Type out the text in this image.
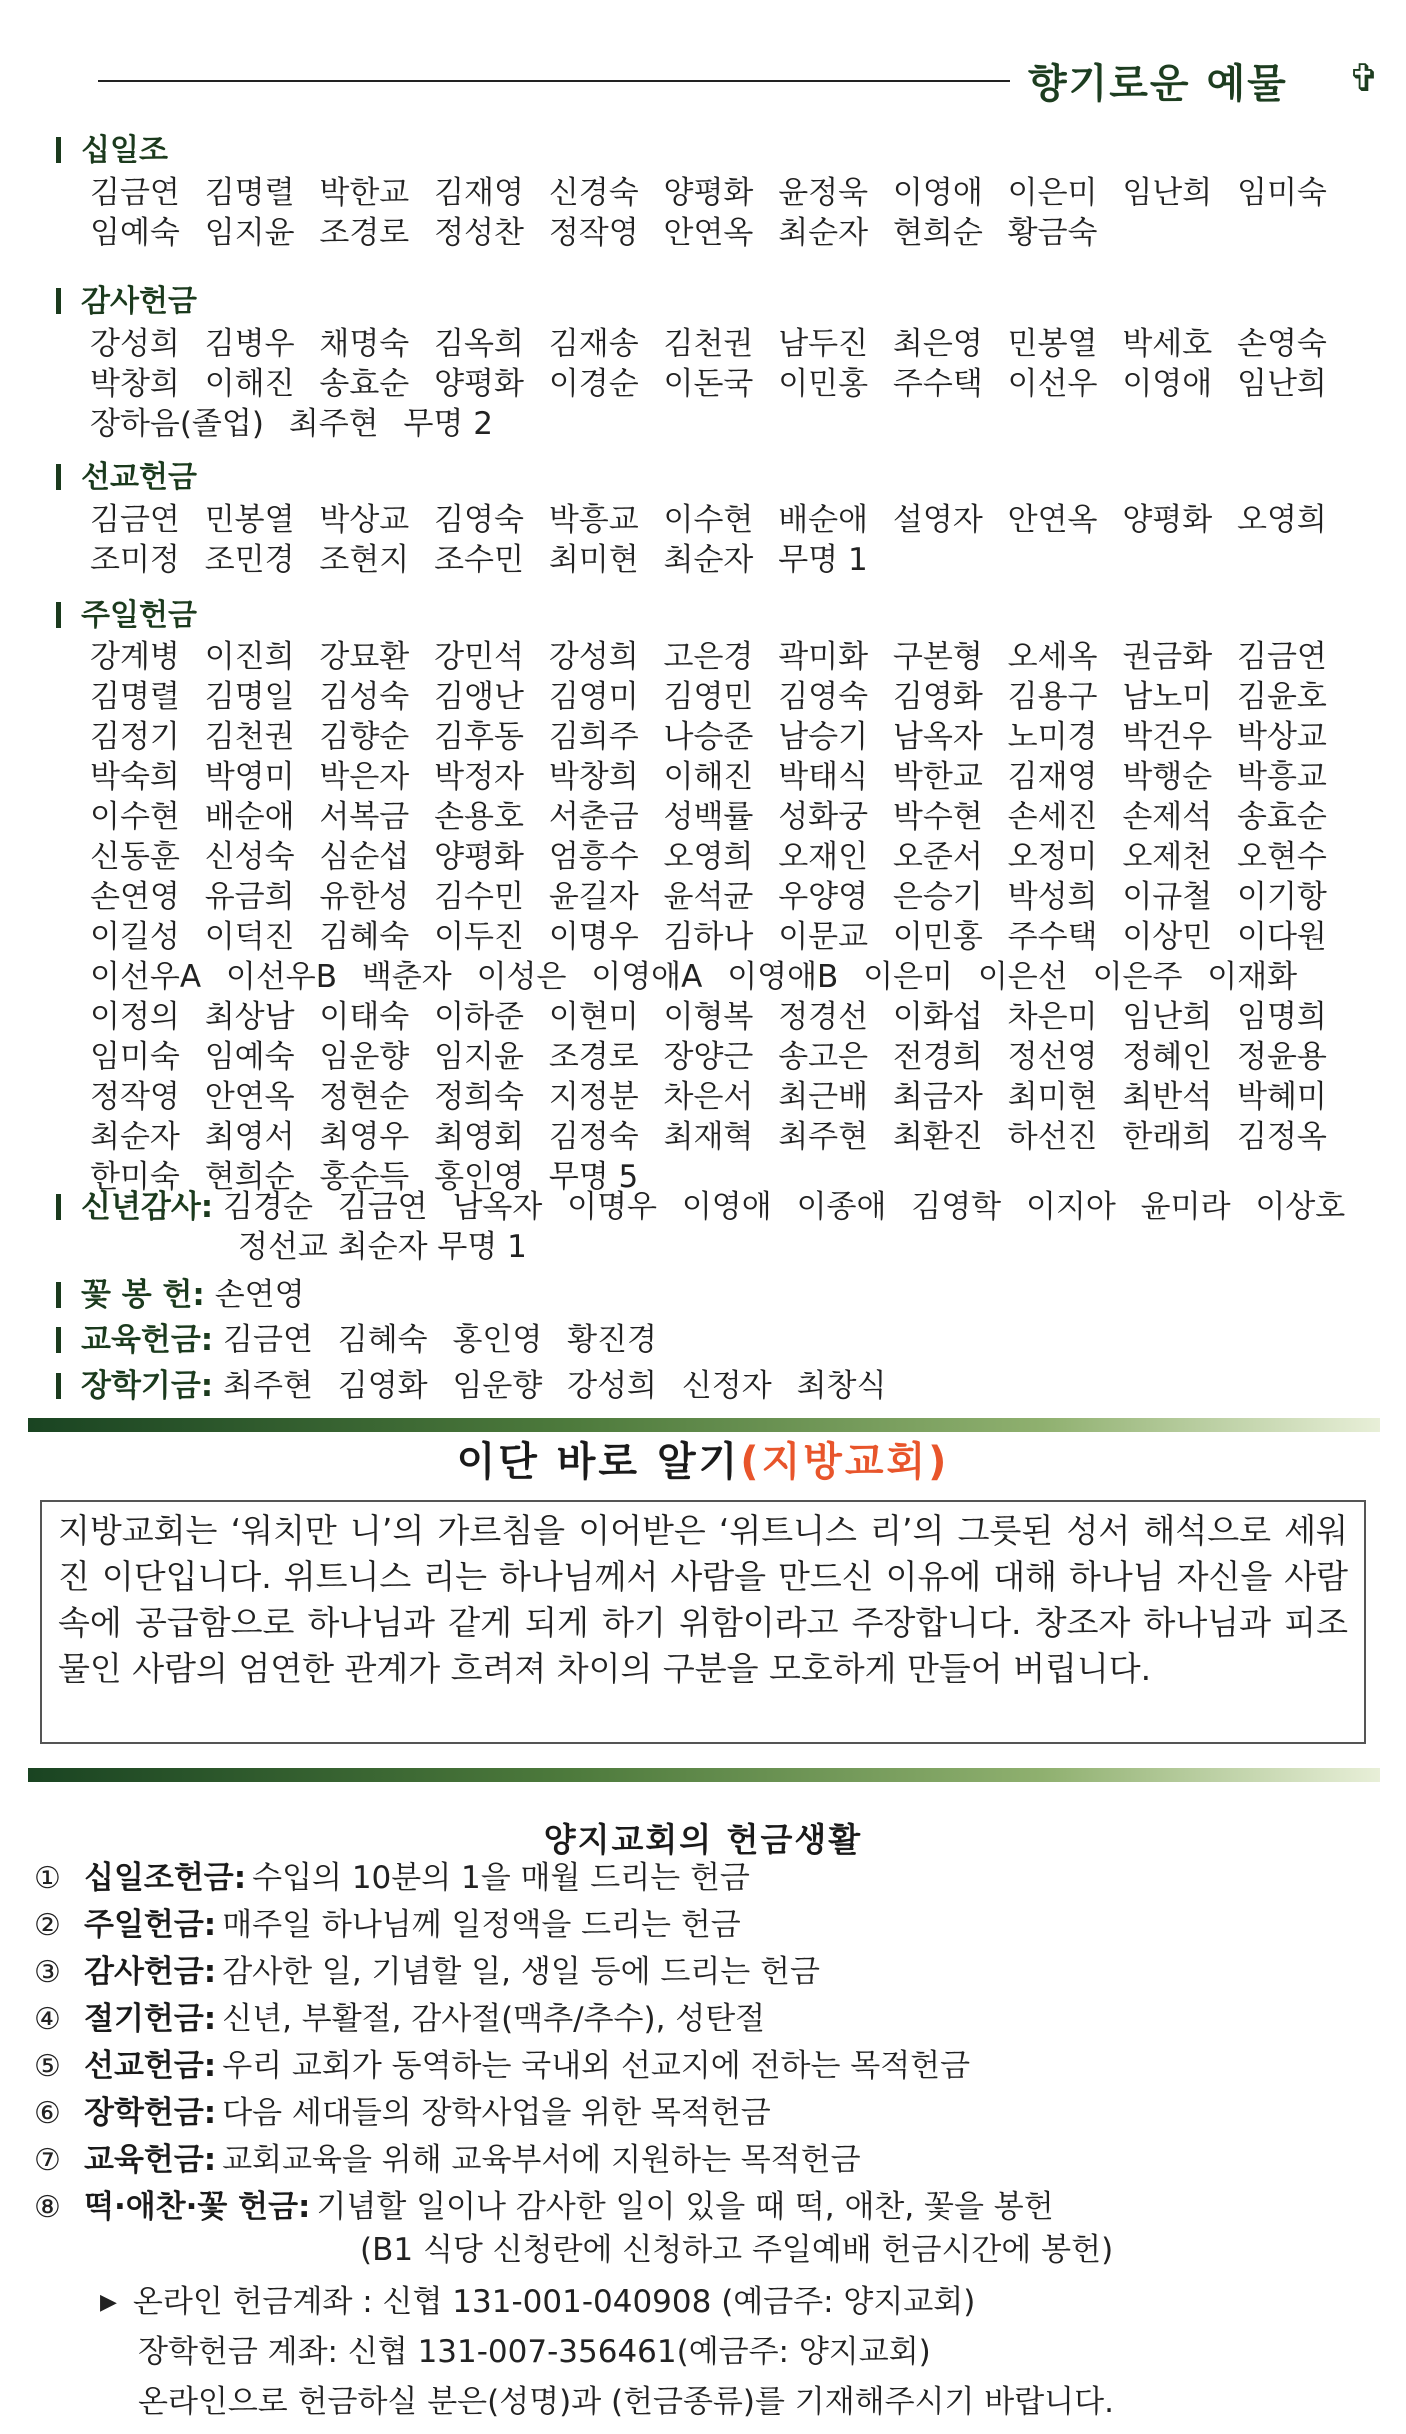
향기로운 예물 ✞
십일조
김금연 김명렬 박한교 김재영 신경숙 양평화 윤정욱 이영애 이은미 임난희 임미숙 임예숙 임지윤 조경로 정성찬 정작영 안연옥 최순자 현희순 황금숙
감사헌금
강성희 김병우 채명숙 김옥희 김재송 김천권 남두진 최은영 민봉열 박세호 손영숙 박창희 이해진 송효순 양평화 이경순 이돈국 이민홍 주수택 이선우 이영애 임난희 장하음(졸업) 최주현 무명 2
선교헌금
김금연 민봉열 박상교 김영숙 박흥교 이수현 배순애 설영자 안연옥 양평화 오영희 조미정 조민경 조현지 조수민 최미현 최순자 무명 1
주일헌금
강계병 이진희 강묘환 강민석 강성희 고은경 곽미화 구본형 오세옥 권금화 김금연 김명렬 김명일 김성숙 김앵난 김영미 김영민 김영숙 김영화 김용구 남노미 김윤호 김정기 김천권 김향순 김후동 김희주 나승준 남승기 남옥자 노미경 박건우 박상교 박숙희 박영미 박은자 박정자 박창희 이해진 박태식 박한교 김재영 박행순 박흥교 이수현 배순애 서복금 손용호 서춘금 성백률 성화궁 박수현 손세진 손제석 송효순 신동훈 신성숙 심순섭 양평화 엄흥수 오영희 오재인 오준서 오정미 오제천 오현수 손연영 유금희 유한성 김수민 윤길자 윤석균 우양영 은승기 박성희 이규철 이기항 이길성 이덕진 김혜숙 이두진 이명우 김하나 이문교 이민홍 주수택 이상민 이다원 이선우A 이선우B 백춘자 이성은 이영애A 이영애B 이은미 이은선 이은주 이재화 이정의 최상남 이태숙 이하준 이현미 이형복 정경선 이화섭 차은미 임난희 임명희 임미숙 임예숙 임운향 임지윤 조경로 장양근 송고은 전경희 정선영 정혜인 정윤용 정작영 안연옥 정현순 정희숙 지정분 차은서 최근배 최금자 최미현 최반석 박혜미 최순자 최영서 최영우 최영회 김정숙 최재혁 최주현 최환진 하선진 한래희 김정옥 한미숙 현희순 홍순득 홍인영 무명 5
신년감사: 김경순 김금연 남옥자 이명우 이영애 이종애 김영학 이지아 윤미라 이상호
정선교 최순자 무명 1
꽃 봉 헌: 손연영
교육헌금: 김금연 김혜숙 홍인영 황진경
장학기금: 최주현 김영화 임운향 강성희 신정자 최창식
이단 바로 알기(지방교회)

지방교회는 ‘워치만 니’의 가르침을 이어받은 ‘위트니스 리’의 그릇된 성서 해석으로 세워진 이단입니다. 위트니스 리는 하나님께서 사람을 만드신 이유에 대해 하나님 자신을 사람 속에 공급함으로 하나님과 같게 되게 하기 위함이라고 주장합니다. 창조자 하나님과 피조물인 사람의 엄연한 관계가 흐려져 차이의 구분을 모호하게 만들어 버립니다.

양지교회의 헌금생활
① 십일조헌금: 수입의 10분의 1을 매월 드리는 헌금
② 주일헌금: 매주일 하나님께 일정액을 드리는 헌금
③ 감사헌금: 감사한 일, 기념할 일, 생일 등에 드리는 헌금
④ 절기헌금: 신년, 부활절, 감사절(맥추/추수), 성탄절
⑤ 선교헌금: 우리 교회가 동역하는 국내외 선교지에 전하는 목적헌금
⑥ 장학헌금: 다음 세대들의 장학사업을 위한 목적헌금
⑦ 교육헌금: 교회교육을 위해 교육부서에 지원하는 목적헌금
⑧ 떡·애찬·꽃 헌금: 기념할 일이나 감사한 일이 있을 때 떡, 애찬, 꽃을 봉헌
(B1 식당 신청란에 신청하고 주일예배 헌금시간에 봉헌)
▶ 온라인 헌금계좌 : 신협 131-001-040908 (예금주: 양지교회)
장학헌금 계좌: 신협 131-007-356461(예금주: 양지교회)
온라인으로 헌금하실 분은(성명)과 (헌금종류)를 기재해주시기 바랍니다.
